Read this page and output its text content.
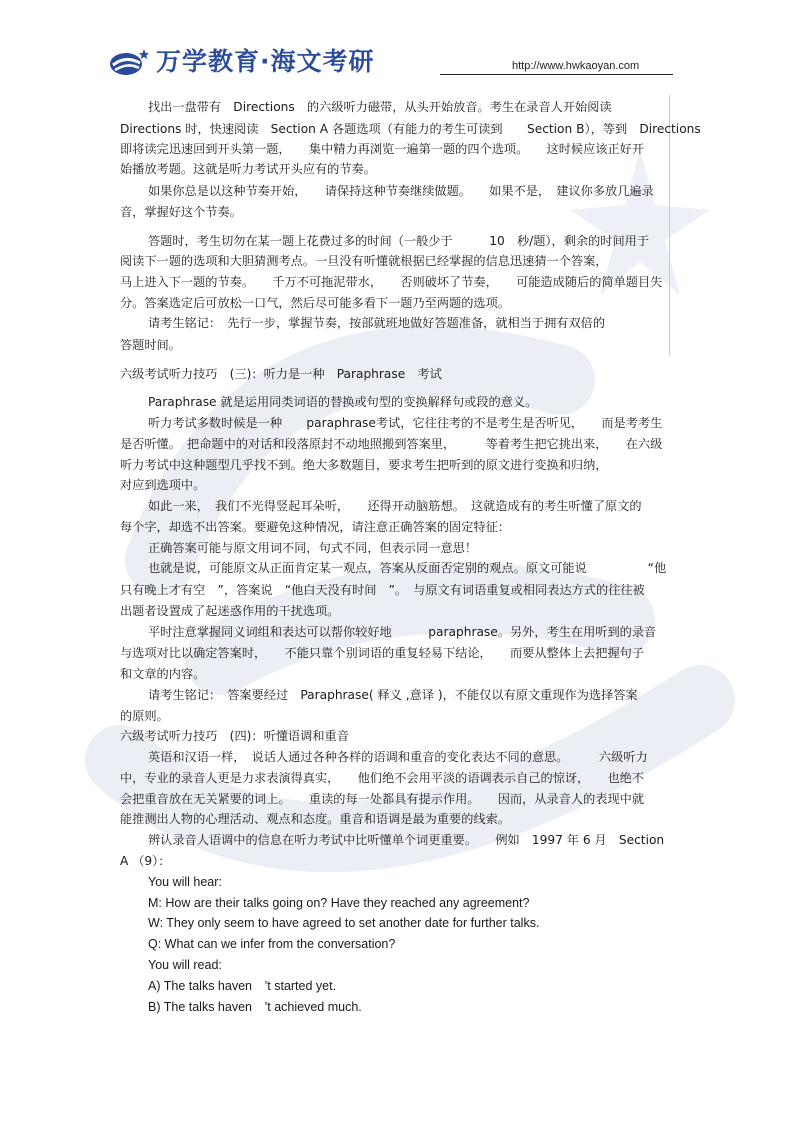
万学教育·海文考研	http://www.hwkaoyan.com
找出一盘带有　Directions　的六级听力磁带，从头开始放音。考生在录音人开始阅读
Directions 时，快速阅读　Section A 各题选项（有能力的考生可读到　　Section B），等到　Directions
即将读完迅速回到开头第一题，　　集中精力再浏览一遍第一题的四个选项。　　这时候应该正好开
始播放考题。这就是听力考试开头应有的节奏。
如果你总是以这种节奏开始，　　请保持这种节奏继续做题。　　如果不是，　建议你多放几遍录
音，掌握好这个节奏。
答题时，考生切勿在某一题上花费过多的时间（一般少于　　　10　秒/题），剩余的时间用于
阅读下一题的选项和大胆猜测考点。一旦没有听懂就根据已经掌握的信息迅速猜一个答案，
马上进入下一题的节奏。　　千万不可拖泥带水，　　否则破坏了节奏，　　可能造成随后的简单题目失
分。答案选定后可放松一口气，然后尽可能多看下一题乃至两题的选项。
请考生铭记：　先行一步，掌握节奏，按部就班地做好答题准备，就相当于拥有双倍的
答题时间。
六级考试听力技巧　(三)：听力是一种　Paraphrase　考试
Paraphrase 就是运用同类词语的替换或句型的变换解释句或段的意义。
听力考试多数时候是一种　　paraphrase考试，它往往考的不是考生是否听见，　　而是考考生
是否听懂。　把命题中的对话和段落原封不动地照搬到答案里，　　　等着考生把它挑出来，　　在六级
听力考试中这种题型几乎找不到。绝大多数题目，要求考生把听到的原文进行变换和归纳，
对应到选项中。
如此一来，　我们不光得竖起耳朵听，　　还得开动脑筋想。　这就造成有的考生听懂了原文的
每个字，却选不出答案。要避免这种情况，请注意正确答案的固定特征：
正确答案可能与原文用词不同，句式不同，但表示同一意思！
也就是说，可能原文从正面肯定某一观点，答案从反面否定别的观点。原文可能说　　　　　“他
只有晚上才有空　”，答案说　“他白天没有时间　”。　与原文有词语重复或相同表达方式的往往被
出题者设置成了起迷惑作用的干扰选项。
平时注意掌握同义词组和表达可以帮你较好地　　　paraphrase。另外，考生在用听到的录音
与选项对比以确定答案时，　　不能只靠个别词语的重复轻易下结论，　　而要从整体上去把握句子
和文章的内容。
请考生铭记：　答案要经过　Paraphrase( 释义 ,意译 )，不能仅以有原文重现作为选择答案
的原则。
六级考试听力技巧　(四)：听懂语调和重音
英语和汉语一样，　说话人通过各种各样的语调和重音的变化表达不同的意思。　　　六级听力
中，专业的录音人更是力求表演得真实，　　他们绝不会用平淡的语调表示自己的惊讶，　　也绝不
会把重音放在无关紧要的词上。　　重读的每一处都具有提示作用。　　因而，从录音人的表现中就
能推测出人物的心理活动、观点和态度。重音和语调是最为重要的线索。
辨认录音人语调中的信息在听力考试中比听懂单个词更重要。　　例如　1997 年 6 月　Section
A （9）：
You will hear:
M: How are their talks going on? Have they reached any agreement?
W: They only seem to have agreed to set another date for further talks.
Q: What can we infer from the conversation?
You will read:
A) The talks haven　’t started yet.
B) The talks haven　’t achieved much.
